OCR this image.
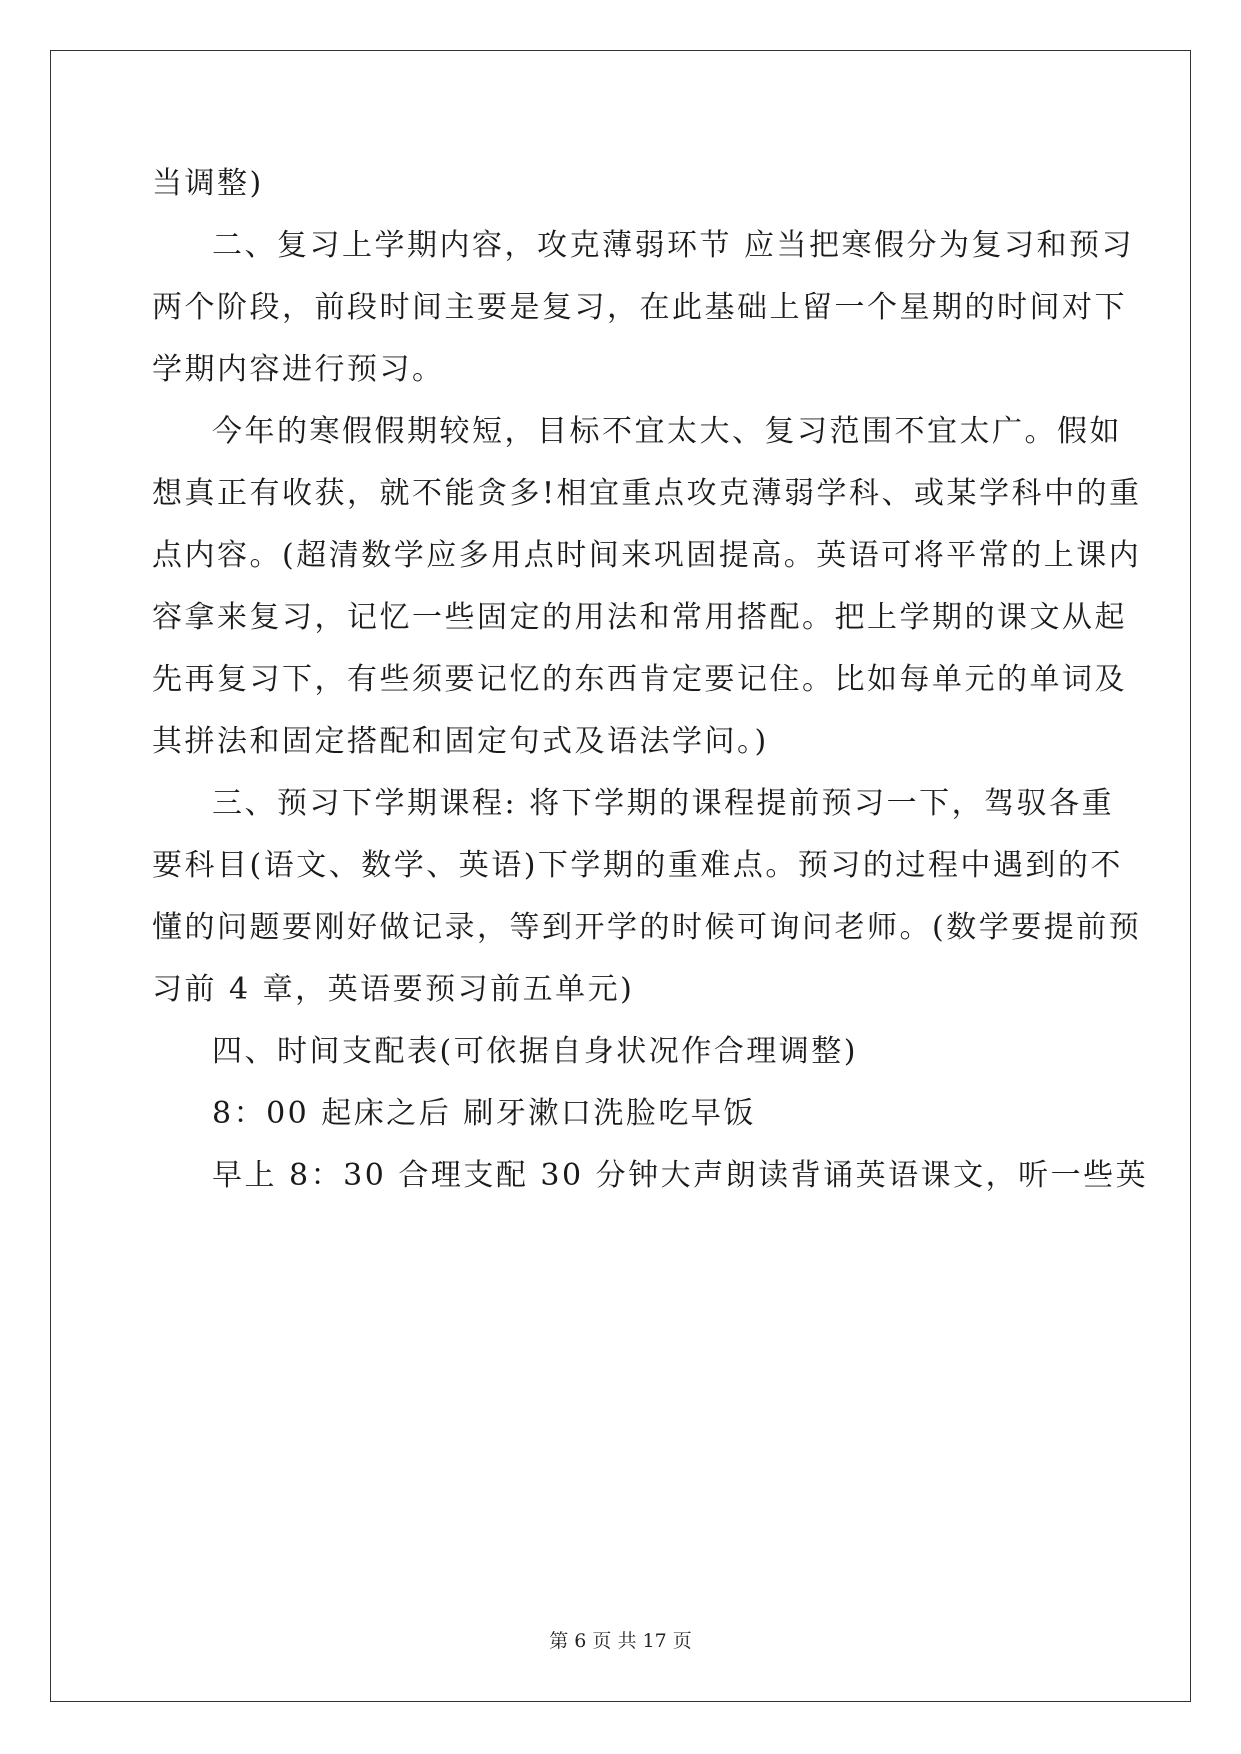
当调整)

二、复习上学期内容，攻克薄弱环节 应当把寒假分为复习和预习

两个阶段，前段时间主要是复习，在此基础上留一个星期的时间对下

学期内容进行预习。

今年的寒假假期较短，目标不宜太大、复习范围不宜太广。假如

想真正有收获，就不能贪多!相宜重点攻克薄弱学科、或某学科中的重

点内容。(超清数学应多用点时间来巩固提高。英语可将平常的上课内

容拿来复习，记忆一些固定的用法和常用搭配。把上学期的课文从起

先再复习下，有些须要记忆的东西肯定要记住。比如每单元的单词及

其拼法和固定搭配和固定句式及语法学问。)

三、预习下学期课程: 将下学期的课程提前预习一下，驾驭各重

要科目(语文、数学、英语)下学期的重难点。预习的过程中遇到的不

懂的问题要刚好做记录，等到开学的时候可询问老师。(数学要提前预

习前 4 章，英语要预习前五单元)

四、时间支配表(可依据自身状况作合理调整)

8：00 起床之后 刷牙漱口洗脸吃早饭

早上 8：30 合理支配 30 分钟大声朗读背诵英语课文，听一些英

第 6 页 共 17 页
